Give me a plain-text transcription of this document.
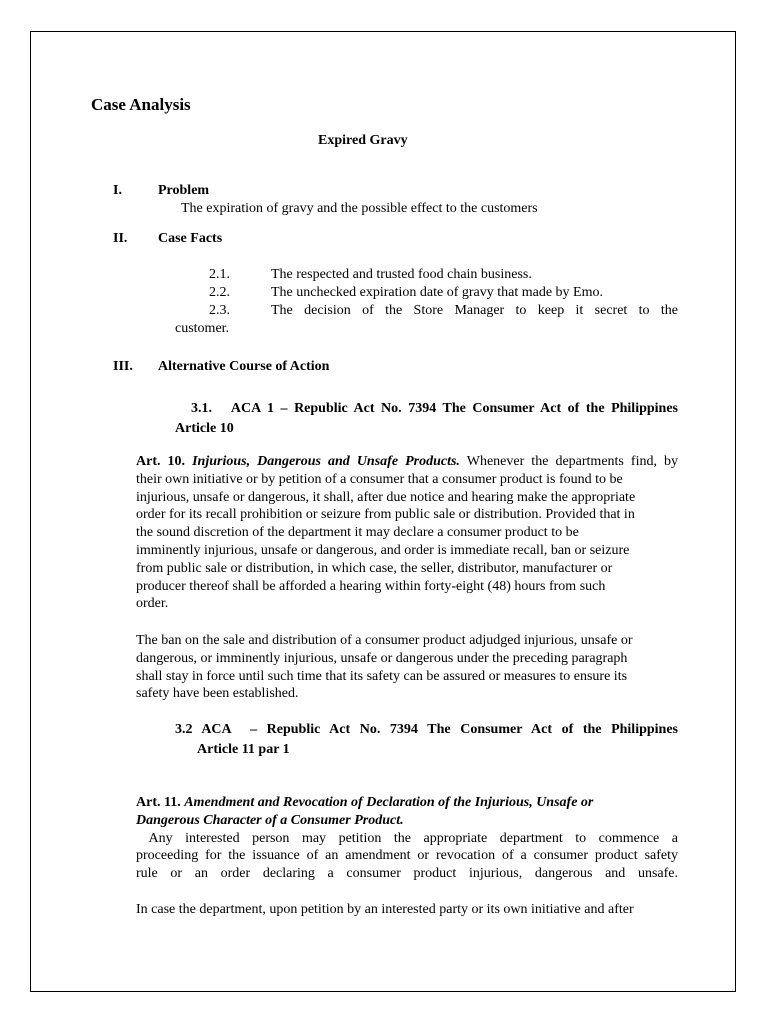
Case Analysis
Expired Gravy
I.	Problem
The expiration of gravy and the possible effect to the customers
II. Case Facts
2.1.	The respected and trusted food chain business.
2.2.	The unchecked expiration date of gravy that made by Emo.
2.3.	The decision of the Store Manager to keep it secret to the
customer.
III. Alternative Course of Action
3.1.   ACA 1 – Republic Act No. 7394 The Consumer Act of the Philippines
Article 10
Art. 10. Injurious, Dangerous and Unsafe Products. Whenever the departments find, by
their own initiative or by petition of a consumer that a consumer product is found to be
injurious, unsafe or dangerous, it shall, after due notice and hearing make the appropriate
order for its recall prohibition or seizure from public sale or distribution. Provided that in
the sound discretion of the department it may declare a consumer product to be
imminently injurious, unsafe or dangerous, and order is immediate recall, ban or seizure
from public sale or distribution, in which case, the seller, distributor, manufacturer or
producer thereof shall be afforded a hearing within forty-eight (48) hours from such
order.
The ban on the sale and distribution of a consumer product adjudged injurious, unsafe or
dangerous, or imminently injurious, unsafe or dangerous under the preceding paragraph
shall stay in force until such time that its safety can be assured or measures to ensure its
safety have been established.
3.2 ACA  – Republic Act No. 7394 The Consumer Act of the Philippines
Article 11 par 1
Art. 11. Amendment and Revocation of Declaration of the Injurious, Unsafe or
Dangerous Character of a Consumer Product.
Any interested person may petition the appropriate department to commence a
proceeding for the issuance of an amendment or revocation of a consumer product safety
rule or an order declaring a consumer product injurious, dangerous and unsafe.
In case the department, upon petition by an interested party or its own initiative and after
